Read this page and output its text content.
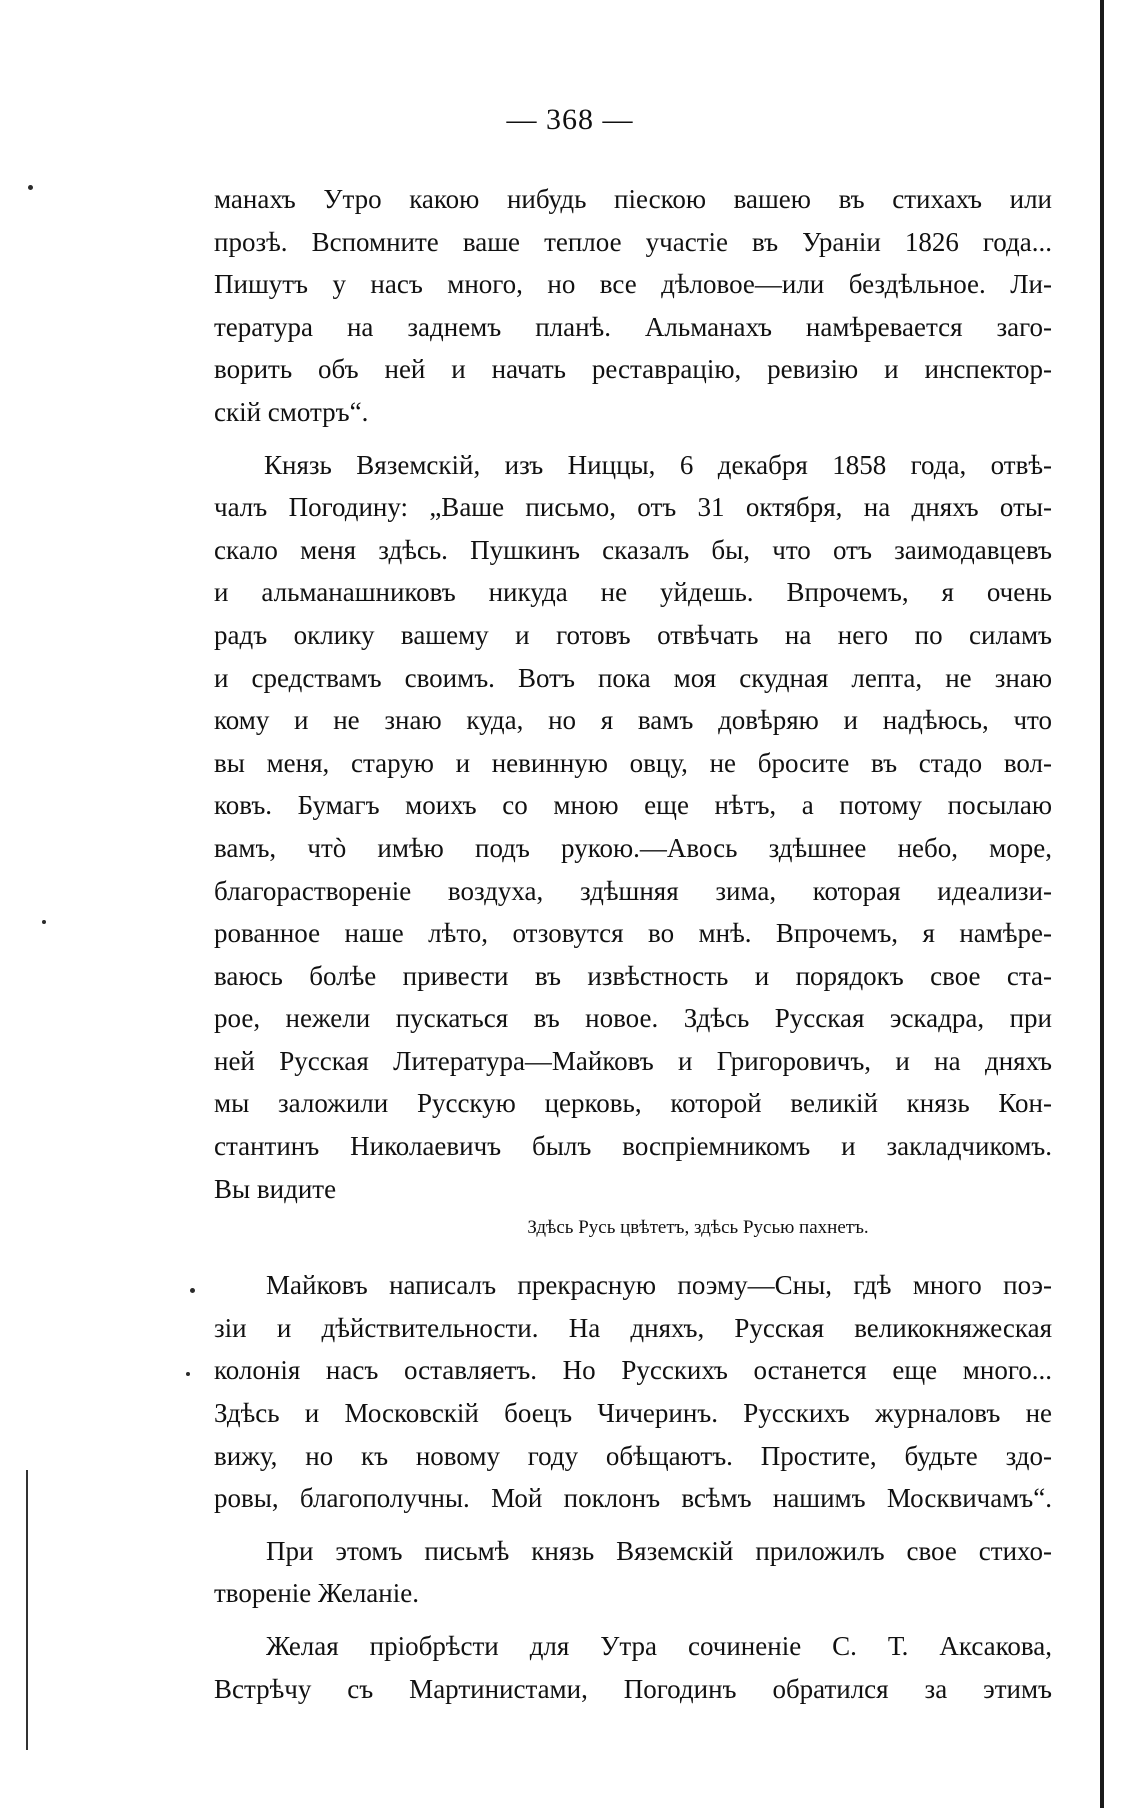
— 368 —
манахъ Утро какою нибудь пiескою вашею въ стихахъ или
прозѣ. Вспомните ваше теплое участiе въ Уранiи 1826 года...
Пишутъ у насъ много, но все дѣловое—или бездѣльное. Ли-
тература на заднемъ планѣ. Альманахъ намѣревается заго-
ворить объ ней и начать реставрацiю, ревизiю и инспектор-
скiй смотръ“.
Князь Вяземскiй, изъ Ниццы, 6 декабря 1858 года, отвѣ-
чалъ Погодину: „Ваше письмо, отъ 31 октября, на дняхъ оты-
скало меня здѣсь. Пушкинъ сказалъ бы, что отъ заимодавцевъ
и альманашниковъ никуда не уйдешь. Впрочемъ, я очень
радъ оклику вашему и готовъ отвѣчать на него по силамъ
и средствамъ своимъ. Вотъ пока моя скудная лепта, не знаю
кому и не знаю куда, но я вамъ довѣряю и надѣюсь, что
вы меня, старую и невинную овцу, не бросите въ стадо вол-
ковъ. Бумагъ моихъ со мною еще нѣтъ, а потому посылаю
вамъ, чтò имѣю подъ рукою.—Авось здѣшнее небо, море,
благорастворенiе воздуха, здѣшняя зима, которая идеализи-
рованное наше лѣто, отзовутся во мнѣ. Впрочемъ, я намѣре-
ваюсь болѣе привести въ извѣстность и порядокъ свое ста-
рое, нежели пускаться въ новое. Здѣсь Русская эскадра, при
ней Русская Литература—Майковъ и Григоровичъ, и на дняхъ
мы заложили Русскую церковь, которой великiй князь Кон-
стантинъ Николаевичъ былъ воспрiемникомъ и закладчикомъ.
Вы видите
Здѣсь Русь цвѣтетъ, здѣсь Русью пахнетъ.
Майковъ написалъ прекрасную поэму—Сны, гдѣ много поэ-
зiи и дѣйствительности. На дняхъ, Русская великокняжеская
колонiя насъ оставляетъ. Но Русскихъ останется еще много...
Здѣсь и Московскiй боецъ Чичеринъ. Русскихъ журналовъ не
вижу, но къ новому году обѣщаютъ. Простите, будьте здо-
ровы, благополучны. Мой поклонъ всѣмъ нашимъ Москвичамъ“.
При этомъ письмѣ князь Вяземскiй приложилъ свое стихо-
творенiе Желанiе.
Желая прiобрѣсти для Утра сочиненiе С. Т. Аксакова,
Встрѣчу съ Мартинистами, Погодинъ обратился за этимъ
